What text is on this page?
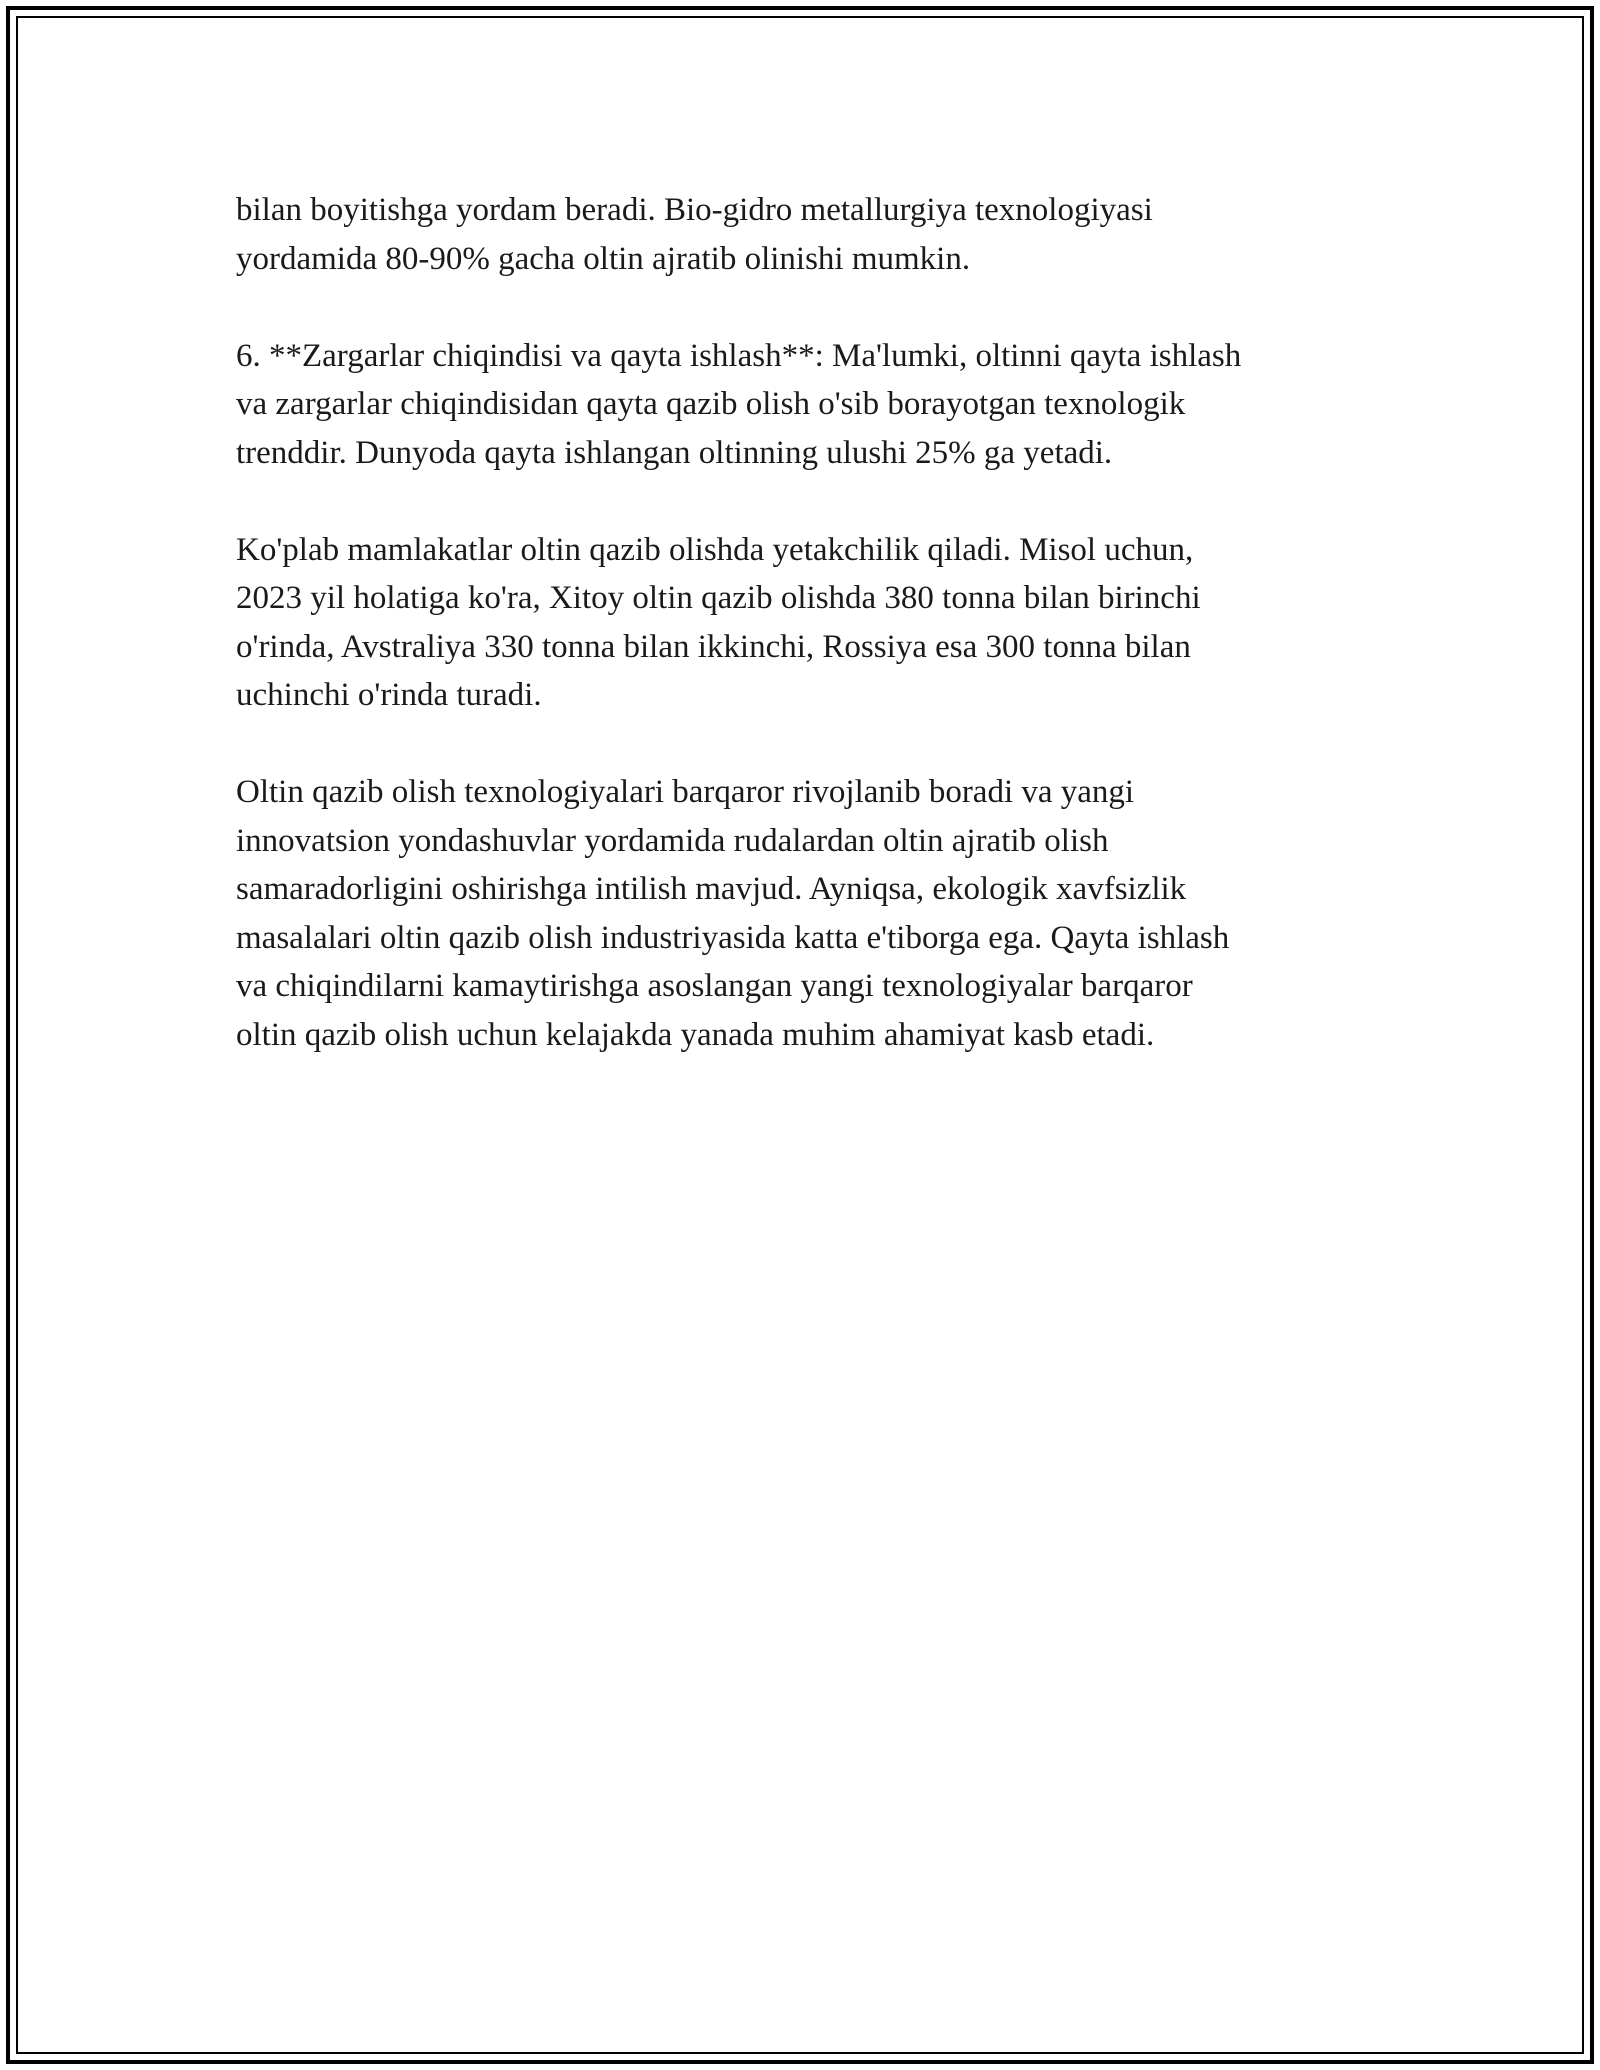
bilan boyitishga yordam beradi. Bio-gidro metallurgiya texnologiyasi
yordamida 80-90% gacha oltin ajratib olinishi mumkin.

6. **Zargarlar chiqindisi va qayta ishlash**: Ma'lumki, oltinni qayta ishlash
va zargarlar chiqindisidan qayta qazib olish o'sib borayotgan texnologik
trenddir. Dunyoda qayta ishlangan oltinning ulushi 25% ga yetadi.

Ko'plab mamlakatlar oltin qazib olishda yetakchilik qiladi. Misol uchun,
2023 yil holatiga ko'ra, Xitoy oltin qazib olishda 380 tonna bilan birinchi
o'rinda, Avstraliya 330 tonna bilan ikkinchi, Rossiya esa 300 tonna bilan
uchinchi o'rinda turadi.

Oltin qazib olish texnologiyalari barqaror rivojlanib boradi va yangi
innovatsion yondashuvlar yordamida rudalardan oltin ajratib olish
samaradorligini oshirishga intilish mavjud. Ayniqsa, ekologik xavfsizlik
masalalari oltin qazib olish industriyasida katta e'tiborga ega. Qayta ishlash
va chiqindilarni kamaytirishga asoslangan yangi texnologiyalar barqaror
oltin qazib olish uchun kelajakda yanada muhim ahamiyat kasb etadi.
